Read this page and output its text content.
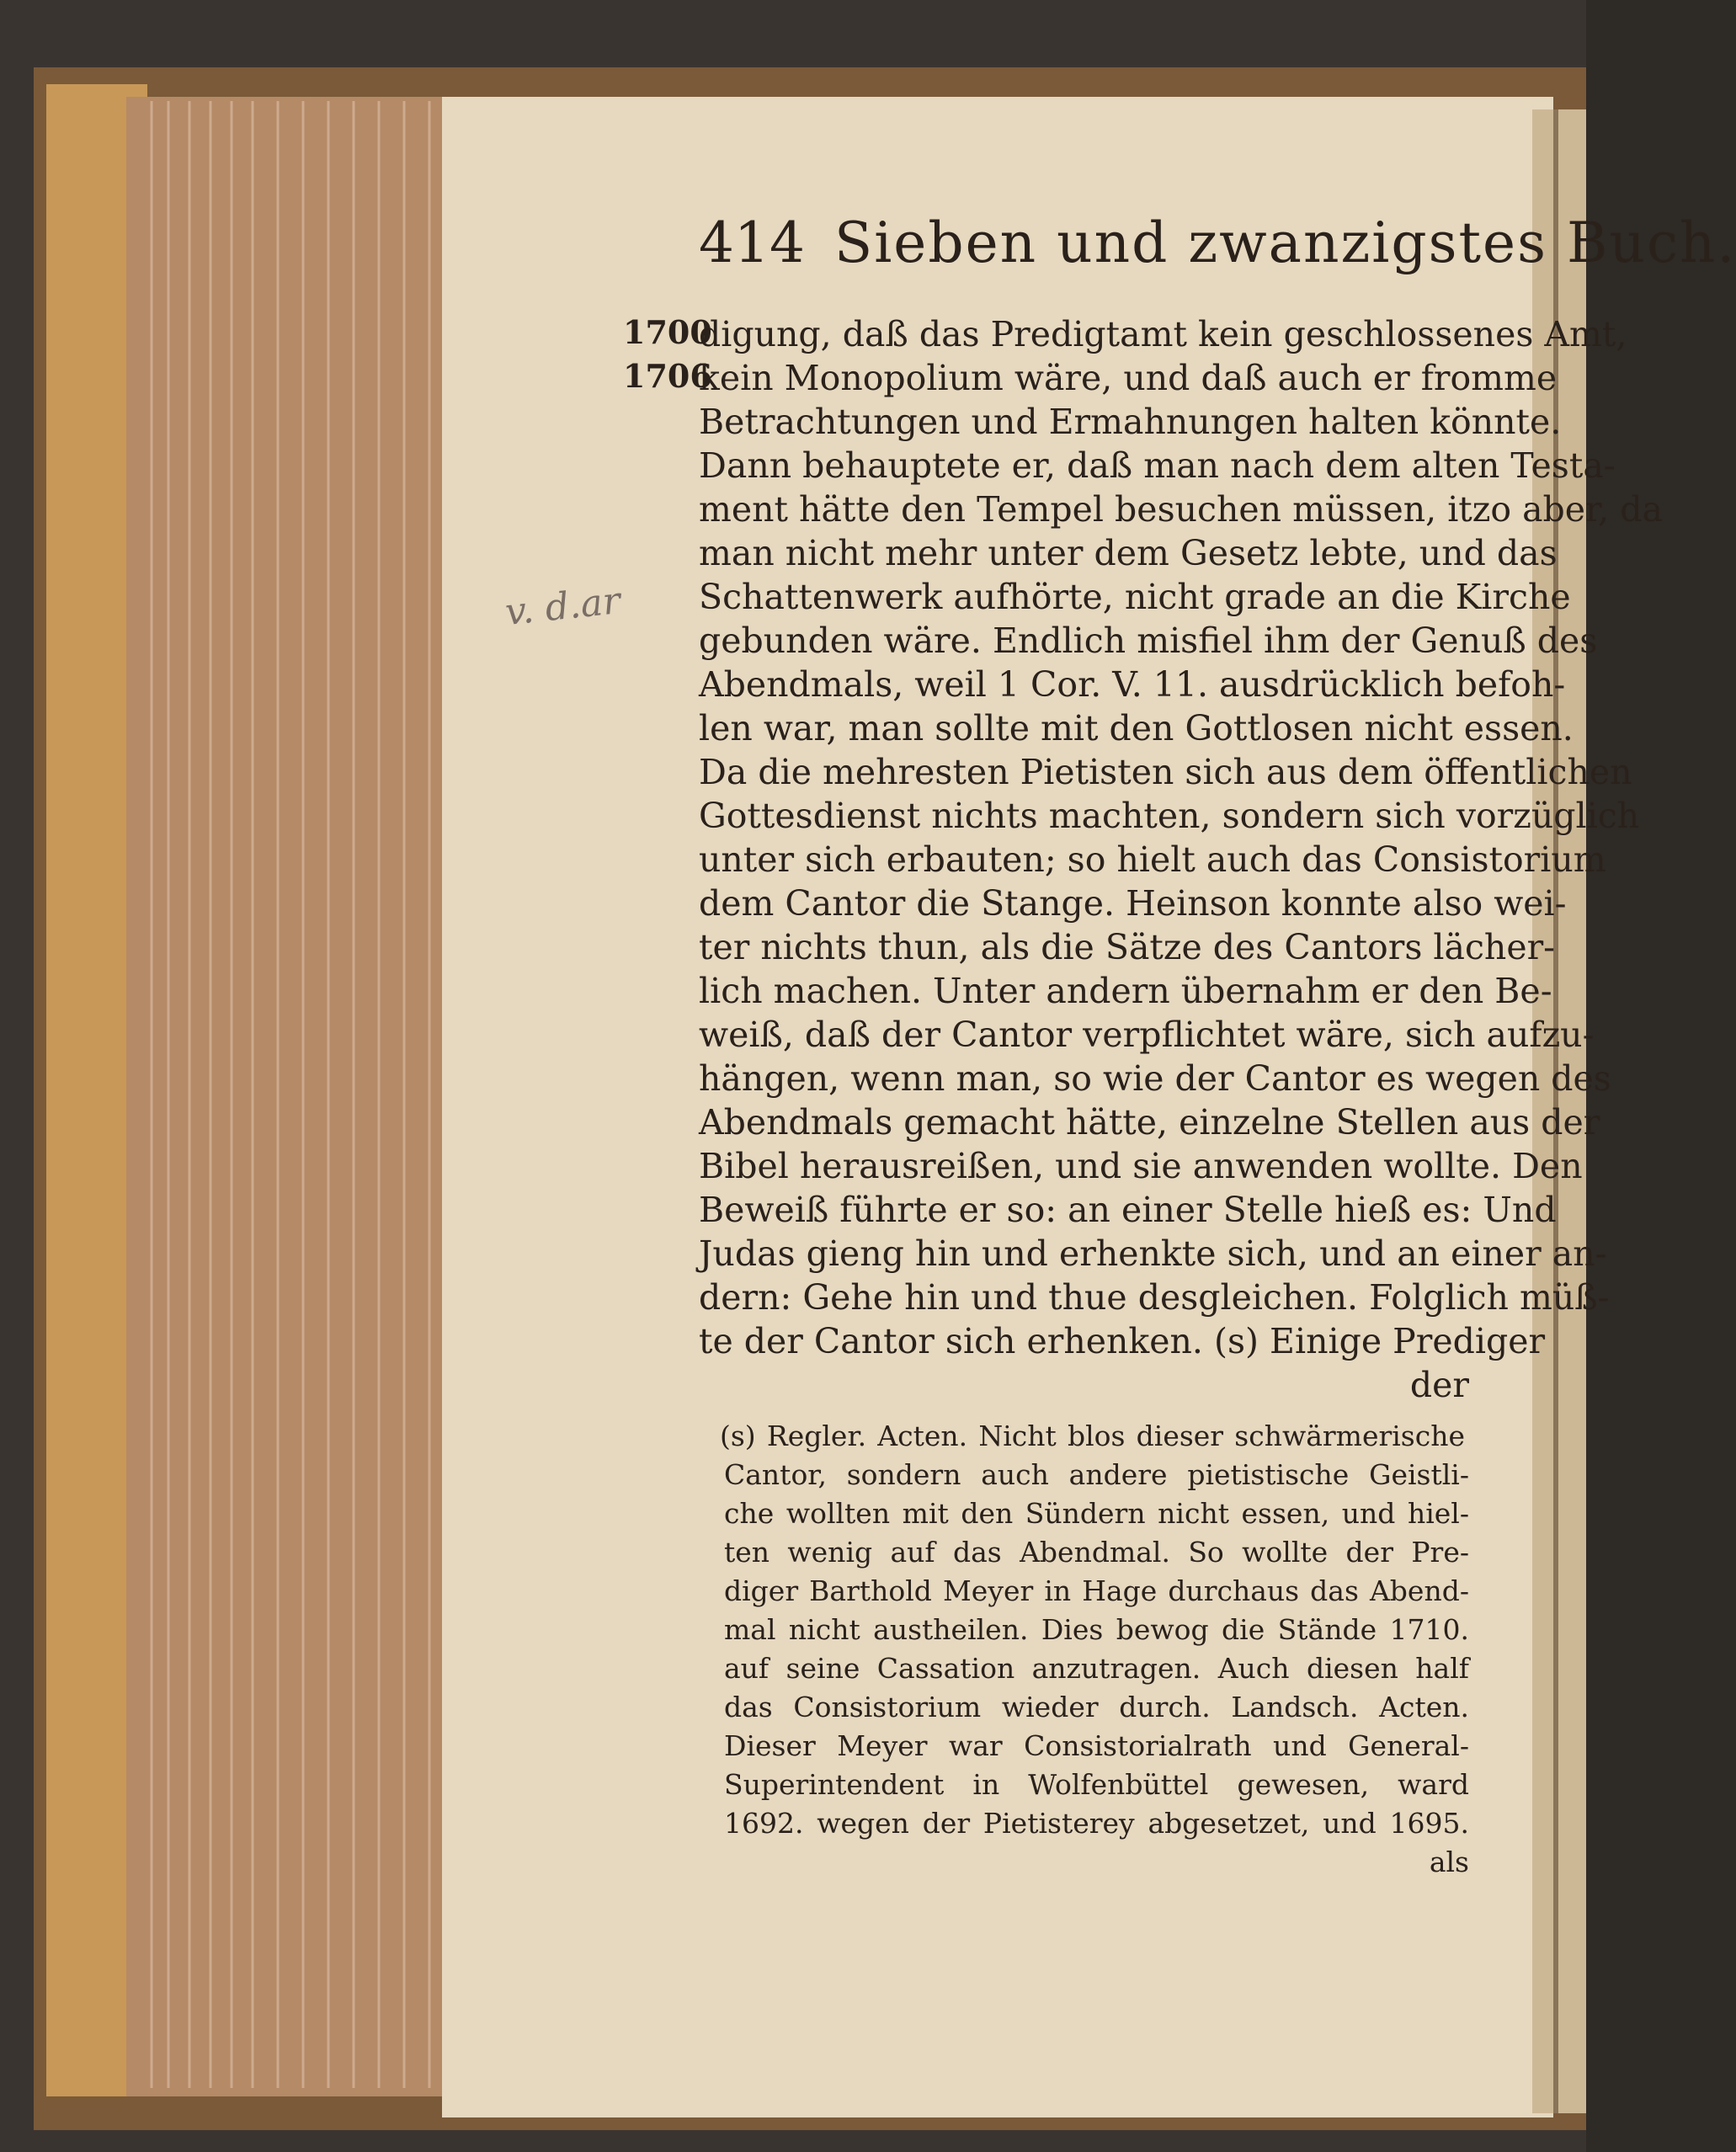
414 Sieben und zwanzigstes Buch.
1700
1706
v. d.ar
digung, daß das Predigtamt kein geschlossenes Amt,
kein Monopolium wäre, und daß auch er fromme
Betrachtungen und Ermahnungen halten könnte.
Dann behauptete er, daß man nach dem alten Testa-
ment hätte den Tempel besuchen müssen, itzo aber, da
man nicht mehr unter dem Gesetz lebte, und das
Schattenwerk aufhörte, nicht grade an die Kirche
gebunden wäre. Endlich misfiel ihm der Genuß des
Abendmals, weil 1 Cor. V. 11. ausdrücklich befoh-
len war, man sollte mit den Gottlosen nicht essen.
Da die mehresten Pietisten sich aus dem öffentlichen
Gottesdienst nichts machten, sondern sich vorzüglich
unter sich erbauten; so hielt auch das Consistorium
dem Cantor die Stange. Heinson konnte also wei-
ter nichts thun, als die Sätze des Cantors lächer-
lich machen. Unter andern übernahm er den Be-
weiß, daß der Cantor verpflichtet wäre, sich aufzu-
hängen, wenn man, so wie der Cantor es wegen des
Abendmals gemacht hätte, einzelne Stellen aus der
Bibel herausreißen, und sie anwenden wollte. Den
Beweiß führte er so: an einer Stelle hieß es: Und
Judas gieng hin und erhenkte sich, und an einer an-
dern: Gehe hin und thue desgleichen. Folglich müß-
te der Cantor sich erhenken. (s) Einige Prediger
der
(s) Regler. Acten. Nicht blos dieser schwärmerische
Cantor, sondern auch andere pietistische Geistli-
che wollten mit den Sündern nicht essen, und hiel-
ten wenig auf das Abendmal. So wollte der Pre-
diger Barthold Meyer in Hage durchaus das Abend-
mal nicht austheilen. Dies bewog die Stände 1710.
auf seine Cassation anzutragen. Auch diesen half
das Consistorium wieder durch. Landsch. Acten.
Dieser Meyer war Consistorialrath und General-
Superintendent in Wolfenbüttel gewesen, ward
1692. wegen der Pietisterey abgesetzet, und 1695.
als
